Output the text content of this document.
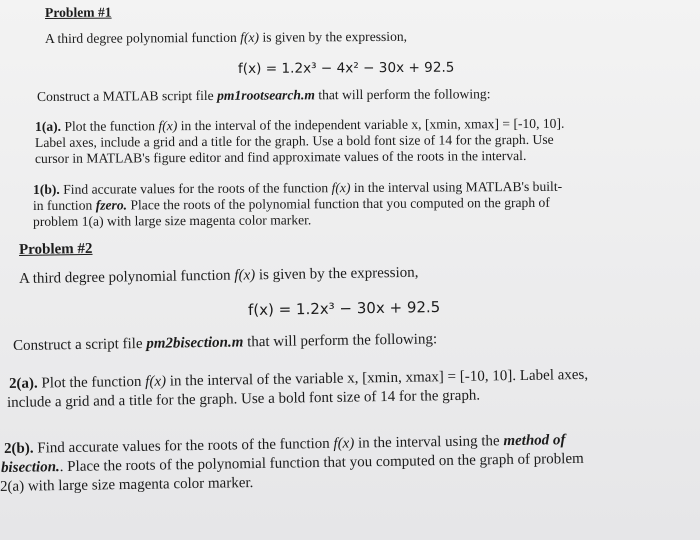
Problem #1
A third degree polynomial function f(x) is given by the expression,
f(x) = 1.2x³ − 4x² − 30x + 92.5
Construct a MATLAB script file pm1rootsearch.m that will perform the following:
1(a). Plot the function f(x) in the interval of the independent variable x, [xmin, xmax] = [-10, 10].
Label axes, include a grid and a title for the graph. Use a bold font size of 14 for the graph. Use
cursor in MATLAB's figure editor and find approximate values of the roots in the interval.
1(b). Find accurate values for the roots of the function f(x) in the interval using MATLAB's built-
in function fzero. Place the roots of the polynomial function that you computed on the graph of
problem 1(a) with large size magenta color marker.
Problem #2
A third degree polynomial function f(x) is given by the expression,
f(x) = 1.2x³ − 30x + 92.5
Construct a script file pm2bisection.m that will perform the following:
2(a). Plot the function f(x) in the interval of the variable x, [xmin, xmax] = [-10, 10]. Label axes,
include a grid and a title for the graph. Use a bold font size of 14 for the graph.
2(b). Find accurate values for the roots of the function f(x) in the interval using the method of
bisection.. Place the roots of the polynomial function that you computed on the graph of problem
2(a) with large size magenta color marker.
